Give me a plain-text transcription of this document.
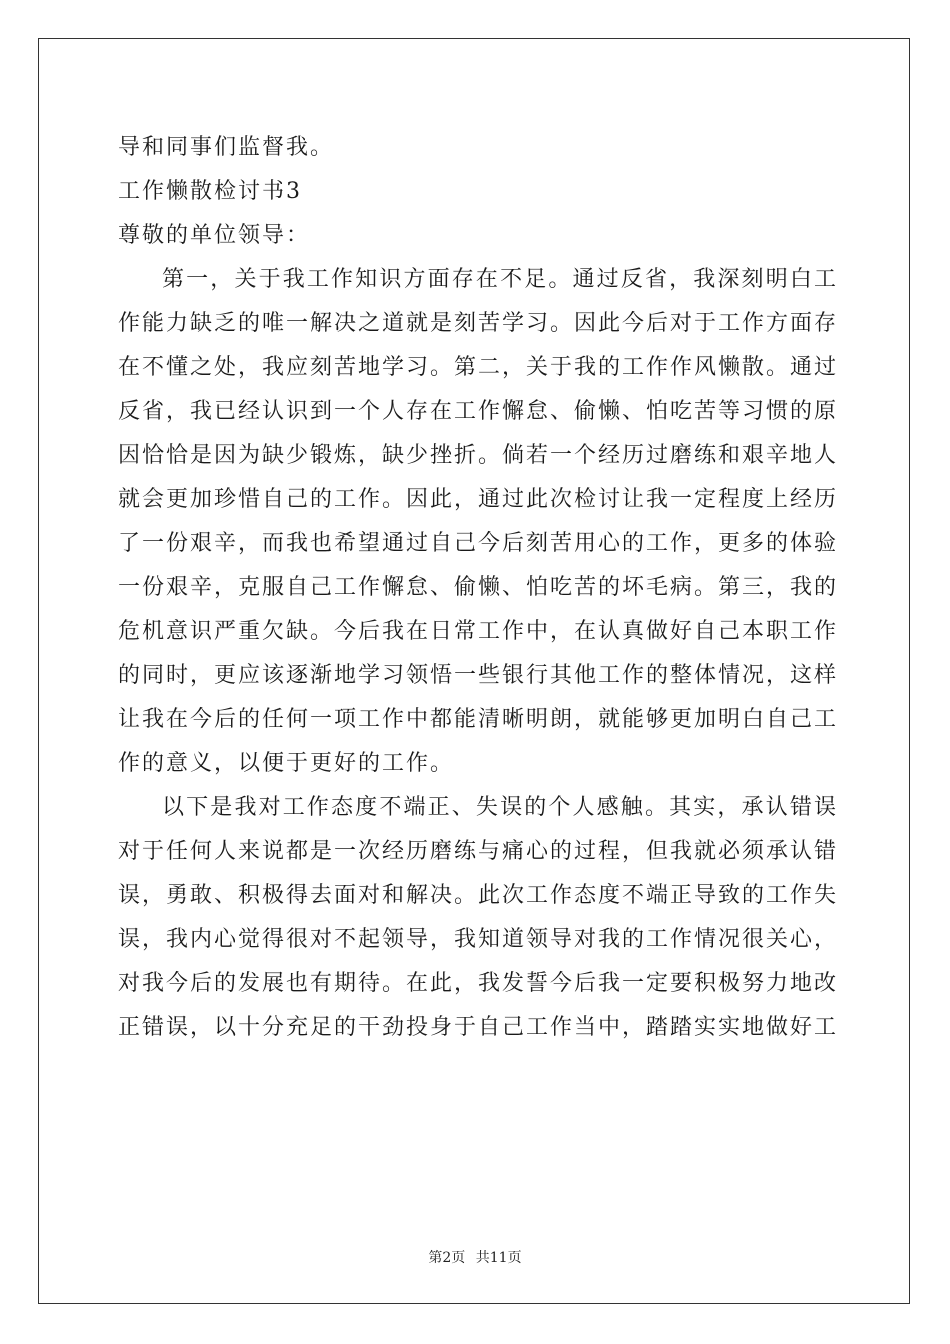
导和同事们监督我。
工作懒散检讨书3
尊敬的单位领导：
第一，关于我工作知识方面存在不足。通过反省，我深刻明白工
作能力缺乏的唯一解决之道就是刻苦学习。因此今后对于工作方面存
在不懂之处，我应刻苦地学习。第二，关于我的工作作风懒散。通过
反省，我已经认识到一个人存在工作懈怠、偷懒、怕吃苦等习惯的原
因恰恰是因为缺少锻炼，缺少挫折。倘若一个经历过磨练和艰辛地人
就会更加珍惜自己的工作。因此，通过此次检讨让我一定程度上经历
了一份艰辛，而我也希望通过自己今后刻苦用心的工作，更多的体验
一份艰辛，克服自己工作懈怠、偷懒、怕吃苦的坏毛病。第三，我的
危机意识严重欠缺。今后我在日常工作中，在认真做好自己本职工作
的同时，更应该逐渐地学习领悟一些银行其他工作的整体情况，这样
让我在今后的任何一项工作中都能清晰明朗，就能够更加明白自己工
作的意义，以便于更好的工作。
以下是我对工作态度不端正、失误的个人感触。其实，承认错误
对于任何人来说都是一次经历磨练与痛心的过程，但我就必须承认错
误，勇敢、积极得去面对和解决。此次工作态度不端正导致的工作失
误，我内心觉得很对不起领导，我知道领导对我的工作情况很关心，
对我今后的发展也有期待。在此，我发誓今后我一定要积极努力地改
正错误，以十分充足的干劲投身于自己工作当中，踏踏实实地做好工
第2页 共11页
